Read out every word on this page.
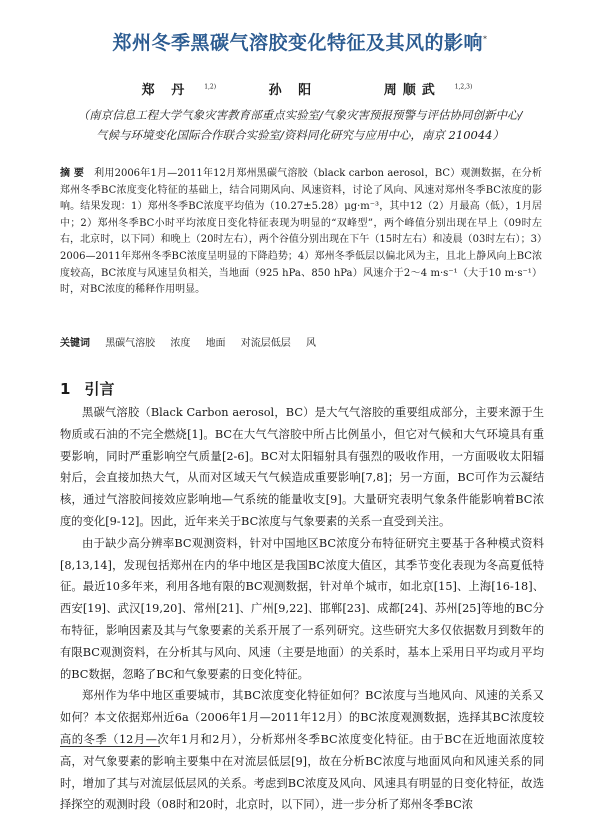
郑州冬季黑碳气溶胶变化特征及其风的影响*
郑 丹 $^{1,2)}$	孙 阳	周顺武 $^{1,2,3)}$
（南京信息工程大学气象灾害教育部重点实验室/气象灾害预报预警与评估协同创新中心/
气候与环境变化国际合作联合实验室/资料同化研究与应用中心，南京 210044）
摘 要 利用2006年1月—2011年12月郑州黑碳气溶胶（black carbon aerosol，BC）观测数据，在分析郑州冬季BC浓度变化特征的基础上，结合同期风向、风速资料，讨论了风向、风速对郑州冬季BC浓度的影响。结果发现：1）郑州冬季BC浓度平均值为（10.27±5.28）μg·m⁻³，其中12（2）月最高（低），1月居中；2）郑州冬季BC小时平均浓度日变化特征表现为明显的“双峰型”，两个峰值分别出现在早上（09时左右，北京时，以下同）和晚上（20时左右），两个谷值分别出现在下午（15时左右）和凌晨（03时左右）；3）2006—2011年郑州冬季BC浓度呈明显的下降趋势；4）郑州冬季低层以偏北风为主，且北上静风向上BC浓度较高，BC浓度与风速呈负相关，当地面（925 hPa、850 hPa）风速介于2～4 m·s⁻¹（大于10 m·s⁻¹）时，对BC浓度的稀释作用明显。
关键词 黑碳气溶胶 浓度 地面 对流层低层 风
1 引言

黑碳气溶胶（Black Carbon aerosol，BC）是大气气溶胶的重要组成部分，主要来源于生物质或石油的不完全燃烧[1]。BC在大气气溶胶中所占比例虽小，但它对气候和大气环境具有重要影响，同时严重影响空气质量[2-6]。BC对太阳辐射具有强烈的吸收作用，一方面吸收太阳辐射后，会直接加热大气，从而对区域天气气候造成重要影响[7,8]；另一方面，BC可作为云凝结核，通过气溶胶间接效应影响地—气系统的能量收支[9]。大量研究表明气象条件能影响着BC浓度的变化[9-12]。因此，近年来关于BC浓度与气象要素的关系一直受到关注。

由于缺少高分辨率BC观测资料，针对中国地区BC浓度分布特征研究主要基于各种模式资料[8,13,14]，发现包括郑州在内的华中地区是我国BC浓度大值区，其季节变化表现为冬高夏低特征。最近10多年来，利用各地有限的BC观测数据，针对单个城市，如北京[15]、上海[16-18]、西安[19]、武汉[19,20]、常州[21]、广州[9,22]、邯郸[23]、成都[24]、苏州[25]等地的BC分布特征，影响因素及其与气象要素的关系开展了一系列研究。这些研究大多仅依据数月到数年的有限BC观测资料，在分析其与风向、风速（主要是地面）的关系时，基本上采用日平均或月平均的BC数据，忽略了BC和气象要素的日变化特征。

郑州作为华中地区重要城市，其BC浓度变化特征如何？BC浓度与当地风向、风速的关系又如何？本文依据郑州近6a（2006年1月—2011年12月）的BC浓度观测数据，选择其BC浓度较高的冬季（12月—次年1月和2月），分析郑州冬季BC浓度变化特征。由于BC在近地面浓度较高，对气象要素的影响主要集中在对流层低层[9]，故在分析BC浓度与地面风向和风速关系的同时，增加了其与对流层低层风的关系。考虑到BC浓度及风向、风速具有明显的日变化特征，故选择探空的观测时段（08时和20时，北京时，以下同），进一步分析了郑州冬季BC浓
